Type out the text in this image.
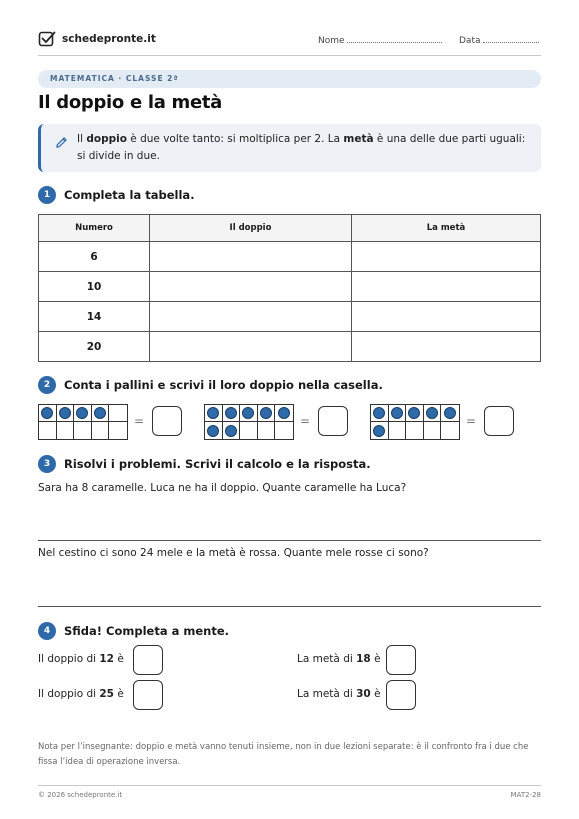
schedepronte.it	Nome	Data
MATEMATICA · CLASSE 2ª
Il doppio e la metà
Il doppio è due volte tanto: si moltiplica per 2. La metà è una delle due parti uguali: si divide in due.
1	Completa la tabella.
Numero	Il doppio	La metà
6		
10		
14		
20		
2	Conta i pallini e scrivi il loro doppio nella casella.
=	=	=
3	Risolvi i problemi. Scrivi il calcolo e la risposta.
Sara ha 8 caramelle. Luca ne ha il doppio. Quante caramelle ha Luca?
Nel cestino ci sono 24 mele e la metà è rossa. Quante mele rosse ci sono?
4	Sfida! Completa a mente.
Il doppio di 12 è	La metà di 18 è
Il doppio di 25 è	La metà di 30 è
Nota per l’insegnante: doppio e metà vanno tenuti insieme, non in due lezioni separate: è il confronto fra i due che fissa l’idea di operazione inversa.
© 2026 schedepronte.it	MAT2-28
